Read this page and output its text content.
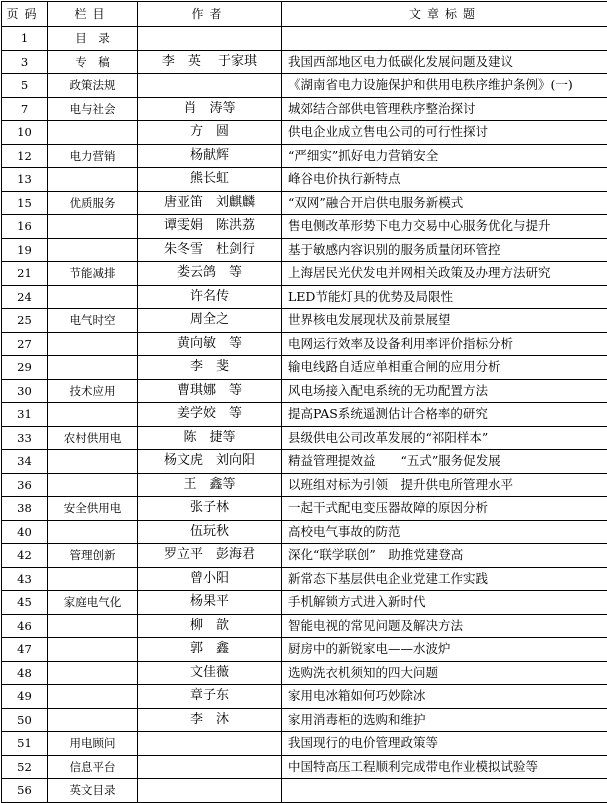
页码	栏目	作者	文章标题
1	目　录		
3	专　稿	李　英　 于家琪	我国西部地区电力低碳化发展问题及建议
5	政策法规		《湖南省电力设施保护和供用电秩序维护条例》(一)
7	电与社会	肖　涛等	城郊结合部供电管理秩序整治探讨
10		方　圆	供电企业成立售电公司的可行性探讨
12	电力营销	杨献辉	“严细实”抓好电力营销安全
13		熊长虹	峰谷电价执行新特点
15	优质服务	唐亚笛　刘麒麟	“双网”融合开启供电服务新模式
16		谭雯娟　陈洪荔	售电侧改革形势下电力交易中心服务优化与提升
19		朱冬雪　杜剑行	基于敏感内容识别的服务质量闭环管控
21	节能减排	娄云鸽　等	上海居民光伏发电并网相关政策及办理方法研究
24		许名传	LED节能灯具的优势及局限性
25	电气时空	周全之	世界核电发展现状及前景展望
27		黄向敏　等	电网运行效率及设备利用率评价指标分析
29		李　斐	输电线路自适应单相重合闸的应用分析
30	技术应用	曹琪娜　等	风电场接入配电系统的无功配置方法
31		姜学姣　等	提高PAS系统遥测估计合格率的研究
33	农村供用电	陈　捷等	县级供电公司改革发展的“祁阳样本”
34		杨文虎　刘向阳	精益管理提效益　　“五式”服务促发展
36		王　鑫等	以班组对标为引领　提升供电所管理水平
38	安全供用电	张子林	一起干式配电变压器故障的原因分析
40		伍玩秋	高校电气事故的防范
42	管理创新	罗立平　彭海君	深化“联学联创”　助推党建登高
43		曾小阳	新常态下基层供电企业党建工作实践
45	家庭电气化	杨果平	手机解锁方式进入新时代
46		柳　歆	智能电视的常见问题及解决方法
47		郭　鑫	厨房中的新锐家电——水波炉
48		文佳薇	选购洗衣机须知的四大问题
49		章子东	家用电冰箱如何巧妙除冰
50		李　沐	家用消毒柜的选购和维护
51	用电顾问		我国现行的电价管理政策等
52	信息平台		中国特高压工程顺利完成带电作业模拟试验等
56	英文目录		
